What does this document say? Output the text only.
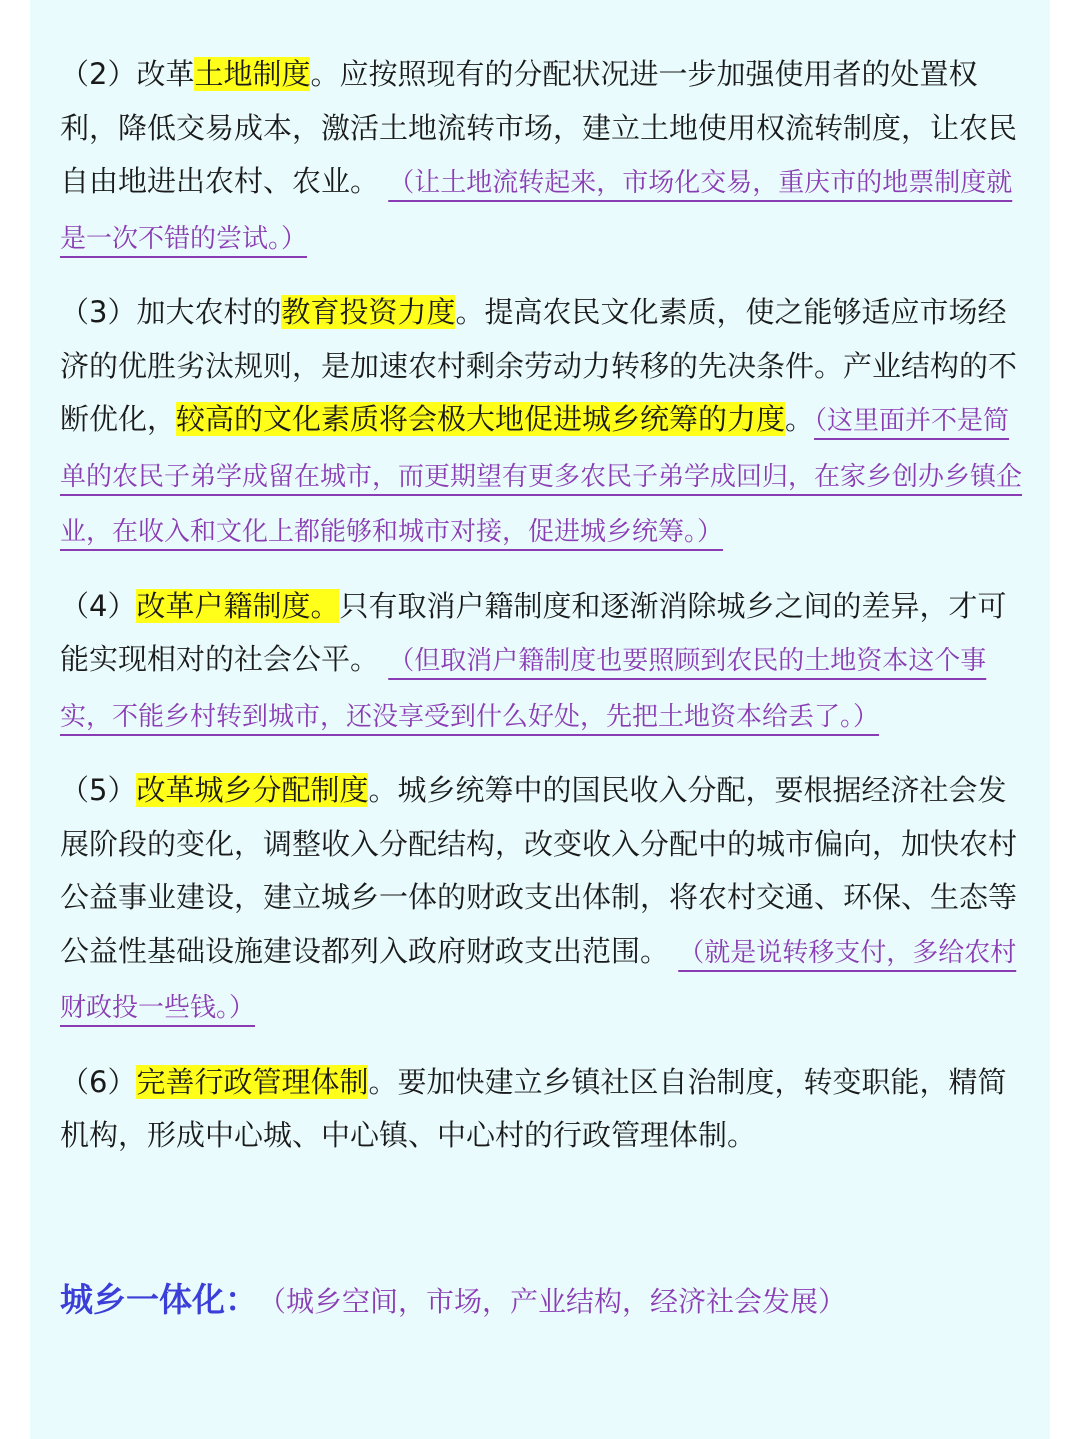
（2）改革土地制度。应按照现有的分配状况进一步加强使用者的处置权利，降低交易成本，激活土地流转市场，建立土地使用权流转制度，让农民自由地进出农村、农业。 （让土地流转起来，市场化交易，重庆市的地票制度就是一次不错的尝试。）

（3）加大农村的教育投资力度。提高农民文化素质，使之能够适应市场经济的优胜劣汰规则，是加速农村剩余劳动力转移的先决条件。产业结构的不断优化，较高的文化素质将会极大地促进城乡统筹的力度。（这里面并不是简单的农民子弟学成留在城市，而更期望有更多农民子弟学成回归，在家乡创办乡镇企业，在收入和文化上都能够和城市对接，促进城乡统筹。）

（4）改革户籍制度。只有取消户籍制度和逐渐消除城乡之间的差异，才可能实现相对的社会公平。 （但取消户籍制度也要照顾到农民的土地资本这个事实，不能乡村转到城市，还没享受到什么好处，先把土地资本给丢了。）

（5）改革城乡分配制度。城乡统筹中的国民收入分配，要根据经济社会发展阶段的变化，调整收入分配结构，改变收入分配中的城市偏向，加快农村公益事业建设，建立城乡一体的财政支出体制，将农村交通、环保、生态等公益性基础设施建设都列入政府财政支出范围。 （就是说转移支付，多给农村财政投一些钱。）

（6）完善行政管理体制。要加快建立乡镇社区自治制度，转变职能，精简机构，形成中心城、中心镇、中心村的行政管理体制。

城乡一体化： （城乡空间，市场，产业结构，经济社会发展）
